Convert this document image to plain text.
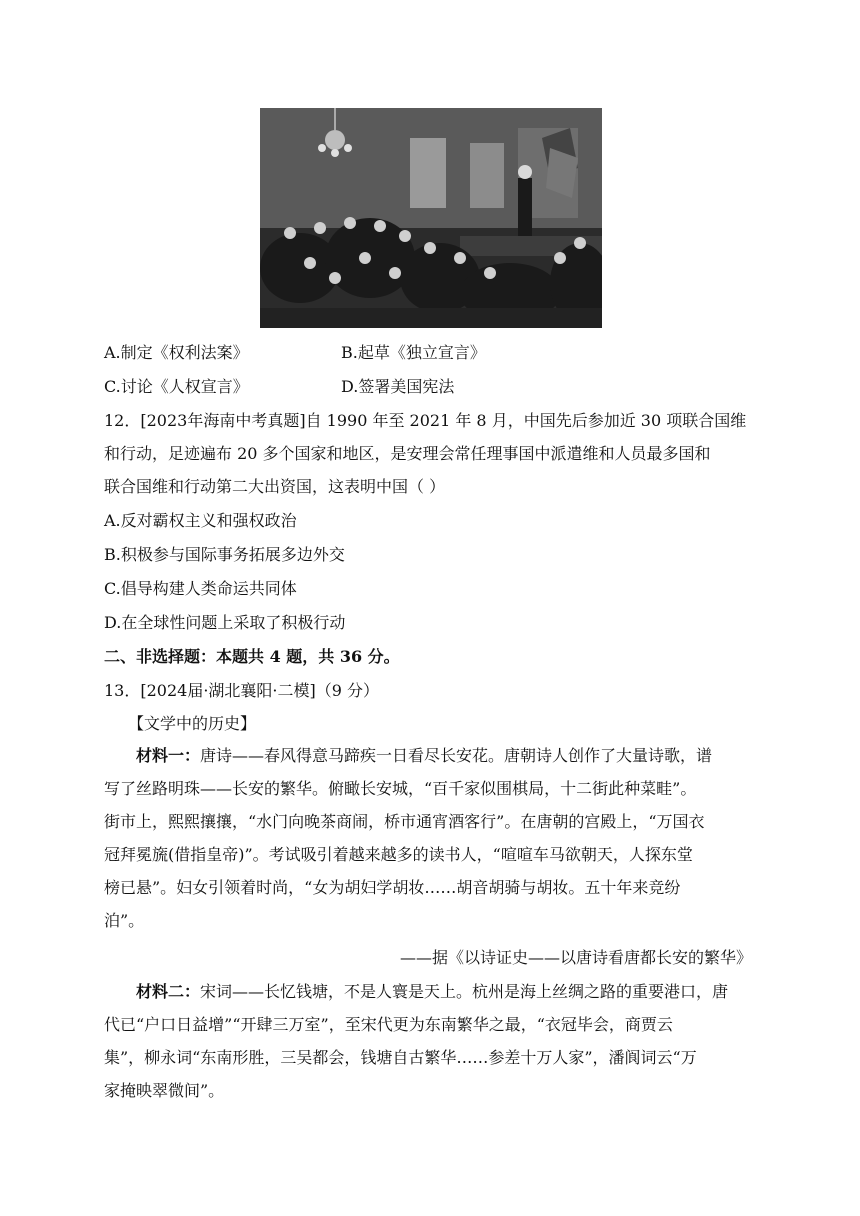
A.制定《权利法案》	B.起草《独立宣言》
C.讨论《人权宣言》	D.签署美国宪法
12．[2023年海南中考真题]自 1990 年至 2021 年 8 月，中国先后参加近 30 项联合国维
和行动，足迹遍布 20 多个国家和地区，是安理会常任理事国中派遣维和人员最多国和
联合国维和行动第二大出资国，这表明中国（ ）
A.反对霸权主义和强权政治
B.积极参与国际事务拓展多边外交
C.倡导构建人类命运共同体
D.在全球性问题上采取了积极行动
二、非选择题：本题共 4 题，共 36 分。
13．[2024届·湖北襄阳·二模]（9 分）
【文学中的历史】
材料一：唐诗——春风得意马蹄疾一日看尽长安花。唐朝诗人创作了大量诗歌，谱
写了丝路明珠——长安的繁华。俯瞰长安城，“百千家似围棋局，十二街此种菜畦”。
街市上，熙熙攘攘，“水门向晚茶商闹，桥市通宵酒客行”。在唐朝的宫殿上，“万国衣
冠拜冕旒(借指皇帝)”。考试吸引着越来越多的读书人，“喧喧车马欲朝天，人探东堂
榜已悬”。妇女引领着时尚，“女为胡妇学胡妆……胡音胡骑与胡妆。五十年来竞纷
泊”。
——据《以诗证史——以唐诗看唐都长安的繁华》
材料二：宋词——长忆钱塘，不是人寰是天上。杭州是海上丝绸之路的重要港口，唐
代已“户口日益增”“开肆三万室”，至宋代更为东南繁华之最，“衣冠毕会，商贾云
集”，柳永词“东南形胜，三吴都会，钱塘自古繁华……参差十万人家”，潘阆词云“万
家掩映翠微间”。
